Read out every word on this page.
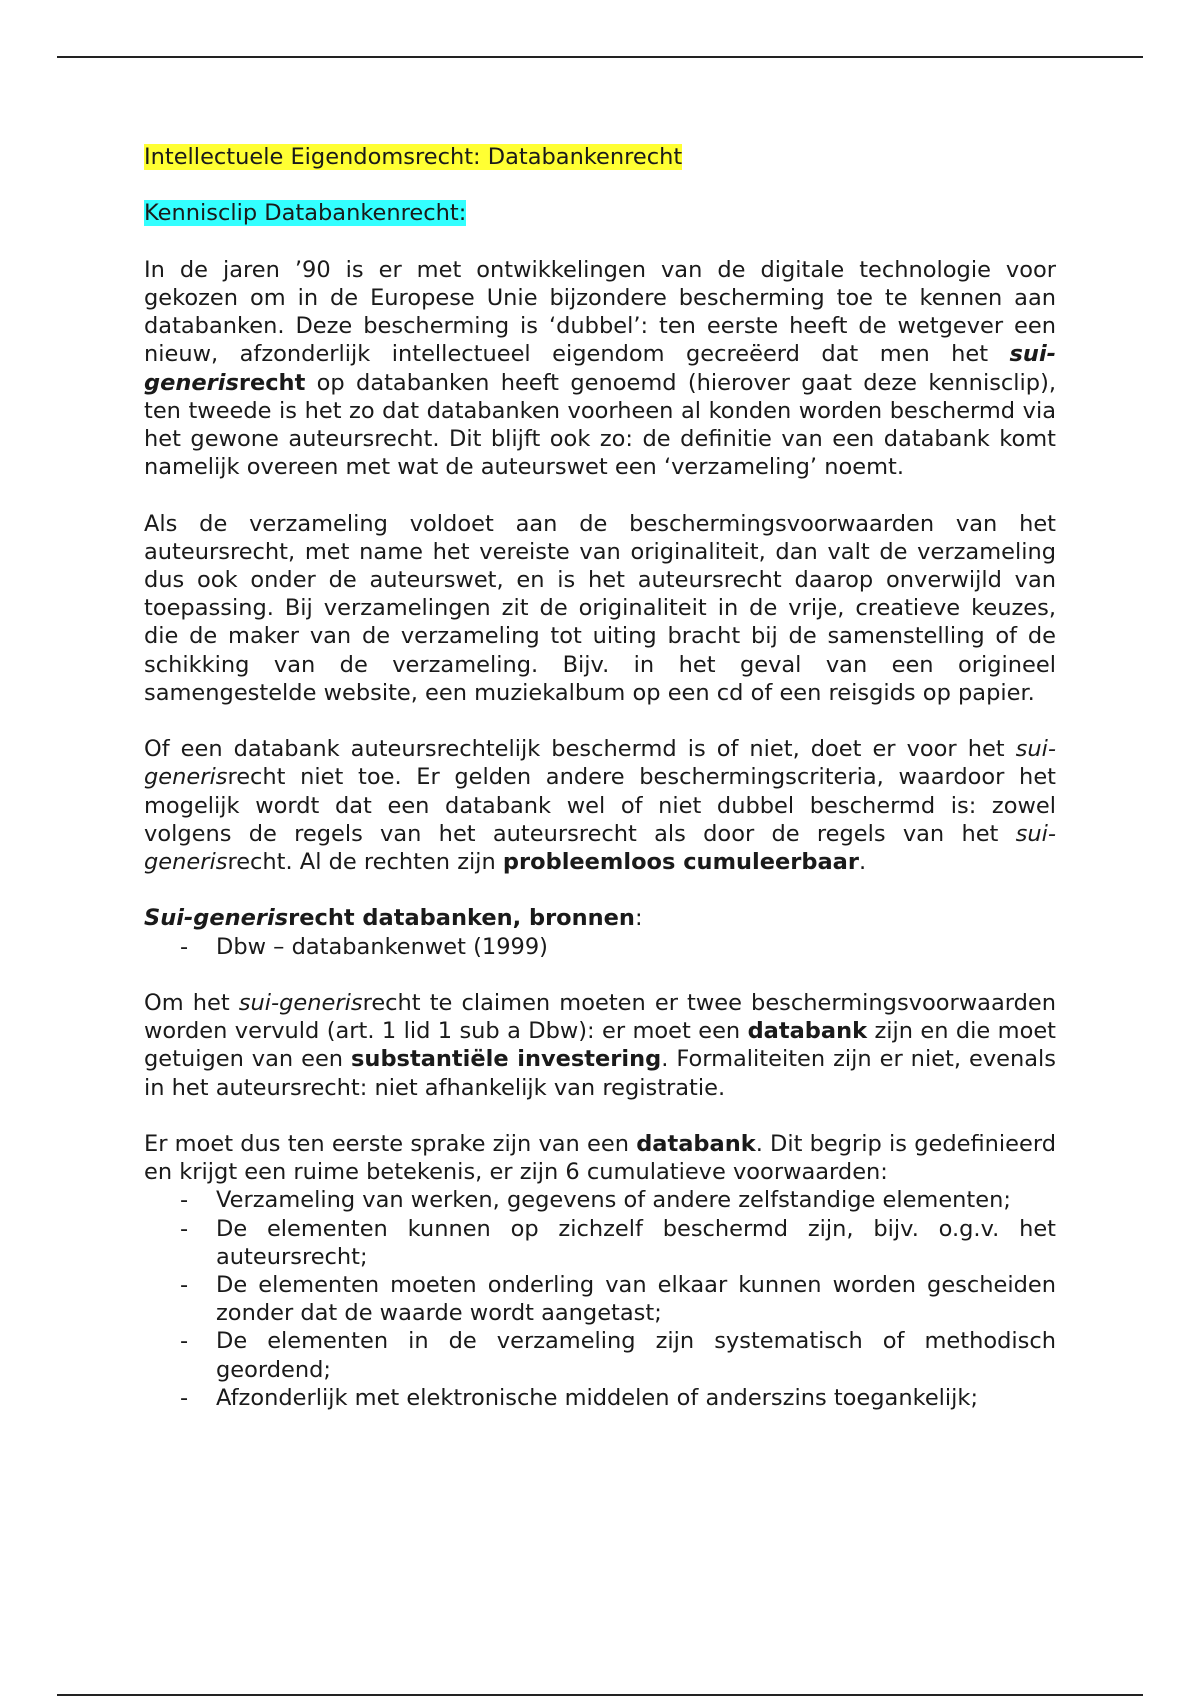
Intellectuele Eigendomsrecht: Databankenrecht

Kennisclip Databankenrecht:

In de jaren ’90 is er met ontwikkelingen van de digitale technologie voor gekozen om in de Europese Unie bijzondere bescherming toe te kennen aan databanken. Deze bescherming is ‘dubbel’: ten eerste heeft de wetgever een nieuw, afzonderlijk intellectueel eigendom gecreëerd dat men het sui-generisrecht op databanken heeft genoemd (hierover gaat deze kennisclip), ten tweede is het zo dat databanken voorheen al konden worden beschermd via het gewone auteursrecht. Dit blijft ook zo: de definitie van een databank komt namelijk overeen met wat de auteurswet een ‘verzameling’ noemt.

Als de verzameling voldoet aan de beschermingsvoorwaarden van het auteursrecht, met name het vereiste van originaliteit, dan valt de verzameling dus ook onder de auteurswet, en is het auteursrecht daarop onverwijld van toepassing. Bij verzamelingen zit de originaliteit in de vrije, creatieve keuzes, die de maker van de verzameling tot uiting bracht bij de samenstelling of de schikking van de verzameling. Bijv. in het geval van een origineel samengestelde website, een muziekalbum op een cd of een reisgids op papier.

Of een databank auteursrechtelijk beschermd is of niet, doet er voor het sui-generisrecht niet toe. Er gelden andere beschermingscriteria, waardoor het mogelijk wordt dat een databank wel of niet dubbel beschermd is: zowel volgens de regels van het auteursrecht als door de regels van het sui-generisrecht. Al de rechten zijn probleemloos cumuleerbaar.

Sui-generisrecht databanken, bronnen:

- Dbw – databankenwet (1999)

Om het sui-generisrecht te claimen moeten er twee beschermingsvoorwaarden worden vervuld (art. 1 lid 1 sub a Dbw): er moet een databank zijn en die moet getuigen van een substantiële investering. Formaliteiten zijn er niet, evenals in het auteursrecht: niet afhankelijk van registratie.

Er moet dus ten eerste sprake zijn van een databank. Dit begrip is gedefinieerd en krijgt een ruime betekenis, er zijn 6 cumulatieve voorwaarden:

- Verzameling van werken, gegevens of andere zelfstandige elementen;
- De elementen kunnen op zichzelf beschermd zijn, bijv. o.g.v. het auteursrecht;
- De elementen moeten onderling van elkaar kunnen worden gescheiden zonder dat de waarde wordt aangetast;
- De elementen in de verzameling zijn systematisch of methodisch geordend;
- Afzonderlijk met elektronische middelen of anderszins toegankelijk;
